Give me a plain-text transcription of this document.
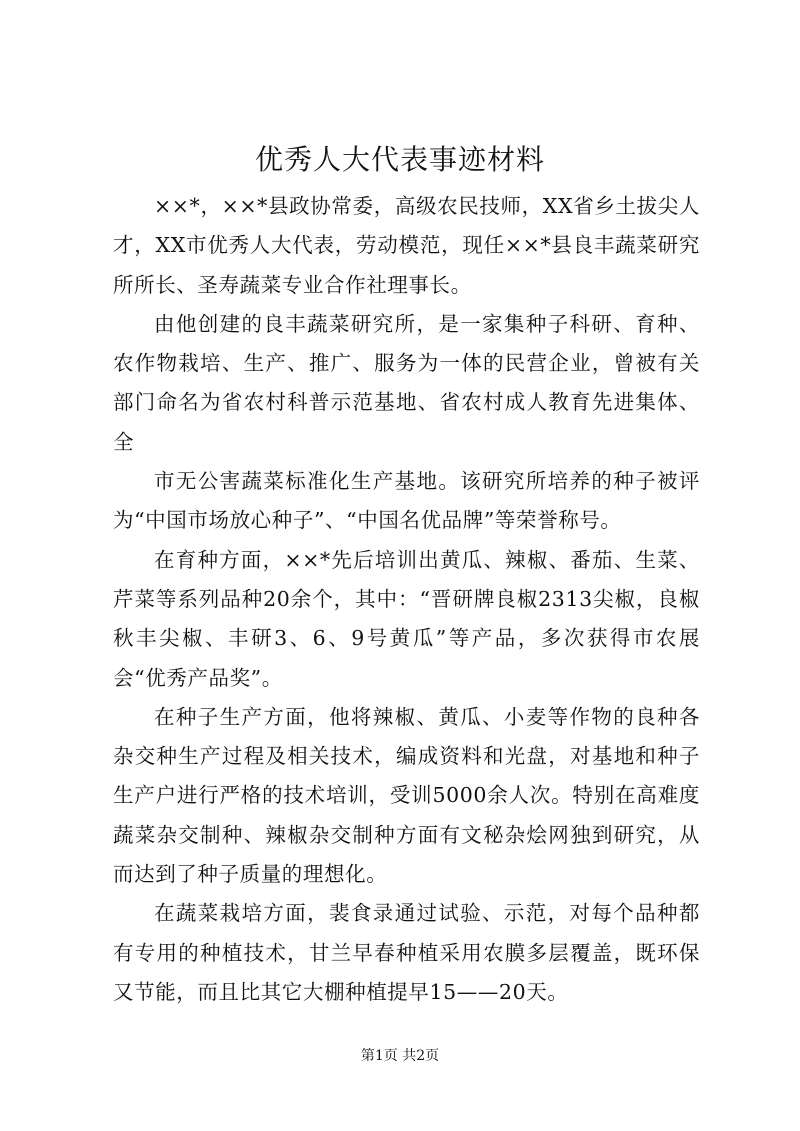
优秀人大代表事迹材料

××*，××*县政协常委，高级农民技师，XX省乡土拔尖人才，XX市优秀人大代表，劳动模范，现任××*县良丰蔬菜研究所所长、圣寿蔬菜专业合作社理事长。

由他创建的良丰蔬菜研究所，是一家集种子科研、育种、农作物栽培、生产、推广、服务为一体的民营企业，曾被有关部门命名为省农村科普示范基地、省农村成人教育先进集体、全

市无公害蔬菜标准化生产基地。该研究所培养的种子被评为“中国市场放心种子”、“中国名优品牌”等荣誉称号。

在育种方面，××*先后培训出黄瓜、辣椒、番茄、生菜、芹菜等系列品种20余个，其中：“晋研牌良椒2313尖椒，良椒秋丰尖椒、丰研3、6、9号黄瓜”等产品，多次获得市农展会“优秀产品奖”。

在种子生产方面，他将辣椒、黄瓜、小麦等作物的良种各杂交种生产过程及相关技术，编成资料和光盘，对基地和种子生产户进行严格的技术培训，受训5000余人次。特别在高难度蔬菜杂交制种、辣椒杂交制种方面有文秘杂烩网独到研究，从而达到了种子质量的理想化。

在蔬菜栽培方面，裴食录通过试验、示范，对每个品种都有专用的种植技术，甘兰早春种植采用农膜多层覆盖，既环保又节能，而且比其它大棚种植提早15——20天。

第1页 共2页
